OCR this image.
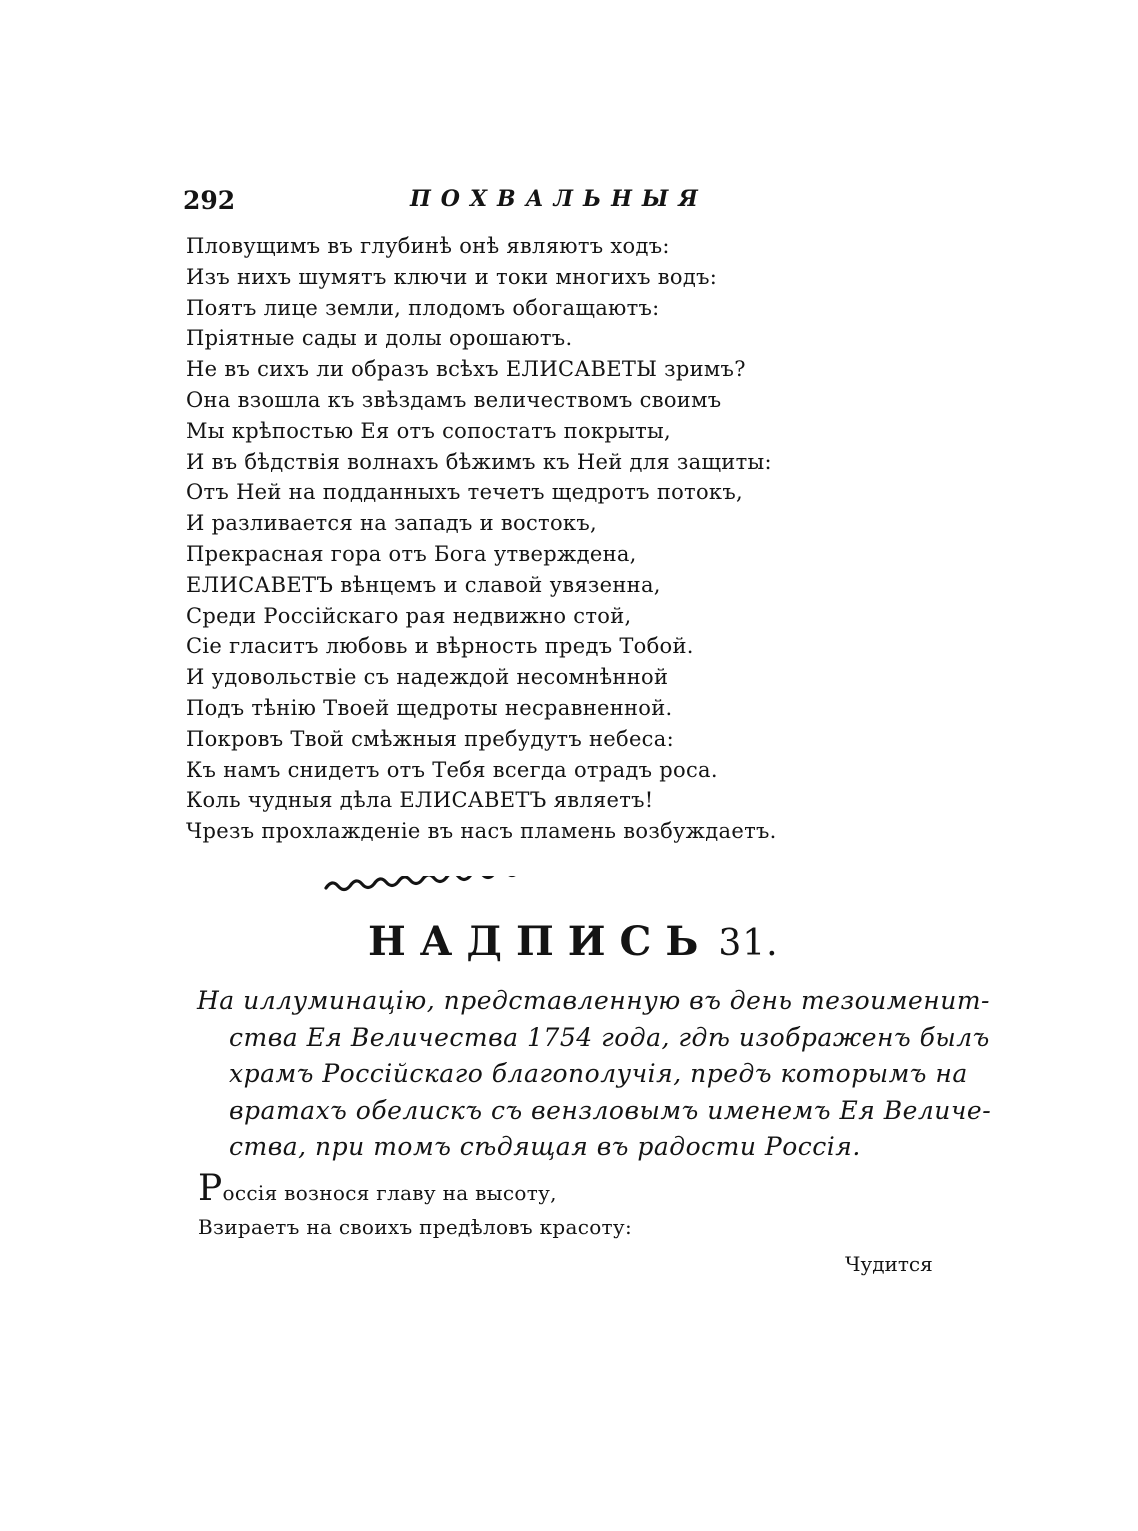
292	ПОХВАЛЬНЫЯ
Пловущимъ въ глубинѣ онѣ являютъ ходъ:
Изъ нихъ шумятъ ключи и токи многихъ водъ:
Поятъ лице земли, плодомъ обогащаютъ:
Прiятные сады и долы орошаютъ.
Не въ сихъ ли образъ всѣхъ ЕЛИСАВЕТЫ зримъ?
Она взошла къ звѣздамъ величествомъ своимъ
Мы крѣпостью Ея отъ сопостатъ покрыты,
И въ бѣдствiя волнахъ бѣжимъ къ Ней для защиты:
Отъ Ней на подданныхъ течетъ щедротъ потокъ,
И разливается на западъ и востокъ,
Прекрасная гора отъ Бога утверждена,
ЕЛИСАВЕТЪ вѣнцемъ и славой увязенна,
Среди Россiйскаго рая недвижно стой,
Сiе гласитъ любовь и вѣрность предъ Тобой.
И удовольствiе съ надеждой несомнѣнной
Подъ тѣнiю Твоей щедроты несравненной.
Покровъ Твой смѣжныя пребудутъ небеса:
Къ намъ снидетъ отъ Тебя всегда отрадъ роса.
Коль чудныя дѣла ЕЛИСАВЕТЪ являетъ!
Чрезъ прохлажденiе въ насъ пламень возбуждаетъ.
НАДПИСЬ 31.
На иллуминацiю, представленную въ день тезоименит-
ства Ея Величества 1754 года, гдѣ изображенъ былъ
храмъ Россiйскаго благополучiя, предъ которымъ на
вратахъ обелискъ съ вензловымъ именемъ Ея Величе-
ства, при томъ сѣдящая въ радости Россiя.
Россiя вознося главу на высоту,
Взираетъ на своихъ предѣловъ красоту:
Чудится
